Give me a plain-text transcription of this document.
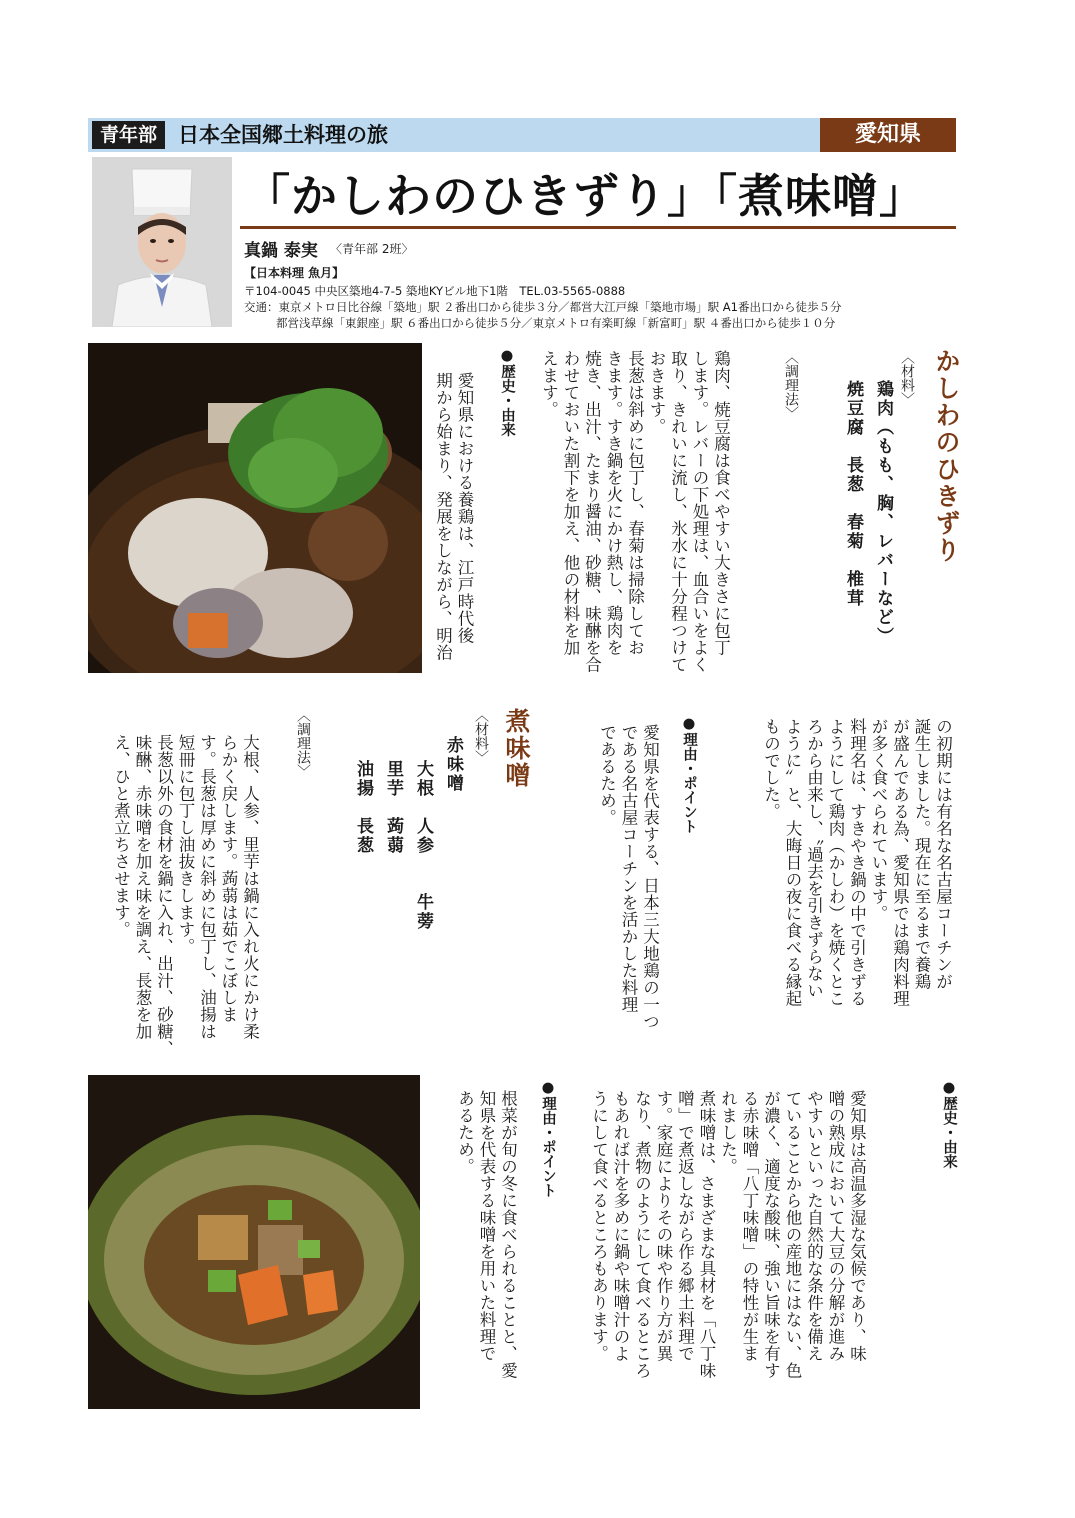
青年部 日本全国郷土料理の旅	愛知県
「かしわのひきずり」「煮味噌」
真鍋 泰実 〈青年部 2班〉
【日本料理 魚月】
〒104-0045 中央区築地4-7-5 築地KYビル地下1階　TEL.03-5565-0888
交通：東京メトロ日比谷線「築地」駅 ２番出口から徒歩３分／都営大江戸線「築地市場」駅 A1番出口から徒歩５分
都営浅草線「東銀座」駅 ６番出口から徒歩５分／東京メトロ有楽町線「新富町」駅 ４番出口から徒歩１０分
かしわのひきずり
〈材料〉
鶏肉（もも、胸、レバーなど）
焼豆腐　長葱　春菊　椎茸
〈調理法〉
鶏肉、焼豆腐は食べやすい大きさに包丁
します。レバーの下処理は、血合いをよく
取り、きれいに流し、氷水に十分程つけて
おきます。
長葱は斜めに包丁し、春菊は掃除してお
きます。すき鍋を火にかけ熱し、鶏肉を
焼き、出汁、たまり醤油、砂糖、味醂を合
わせておいた割下を加え、他の材料を加
えます。
●歴史・由来
愛知県における養鶏は、江戸時代後
期から始まり、発展をしながら、明治
の初期には有名な名古屋コーチンが
誕生しました。現在に至るまで養鶏
が盛んである為、愛知県では鶏肉料理
が多く食べられています。
料理名は、すきやき鍋の中で引きずる
ようにして鶏肉（かしわ）を焼くとこ
ろから由来し、〝過去を引きずらない
ように〟と、大晦日の夜に食べる縁起
ものでした。
●理由・ポイント
愛知県を代表する、日本三大地鶏の一つ
である名古屋コーチンを活かした料理
であるため。
煮味噌
〈材料〉
赤味噌
大根　人参　　牛蒡
里芋　蒟蒻
油揚　長葱
〈調理法〉
大根、人参、里芋は鍋に入れ火にかけ柔
らかく戻します。蒟蒻は茹でこぼしま
す。長葱は厚めに斜めに包丁し、油揚は
短冊に包丁し油抜きします。
長葱以外の食材を鍋に入れ、出汁、砂糖、
味醂、赤味噌を加え味を調え、長葱を加
え、ひと煮立ちさせます。
●歴史・由来
愛知県は高温多湿な気候であり、味
噌の熟成において大豆の分解が進み
やすいといった自然的な条件を備え
ていることから他の産地にはない、色
が濃く、適度な酸味、強い旨味を有す
る赤味噌「八丁味噌」の特性が生ま
れました。
煮味噌は、さまざまな具材を「八丁味
噌」で煮返しながら作る郷土料理で
す。家庭によりその味や作り方が異
なり、煮物のようにして食べるところ
もあれば汁を多めに鍋や味噌汁のよ
うにして食べるところもあります。
●理由・ポイント
根菜が旬の冬に食べられることと、愛
知県を代表する味噌を用いた料理で
あるため。
